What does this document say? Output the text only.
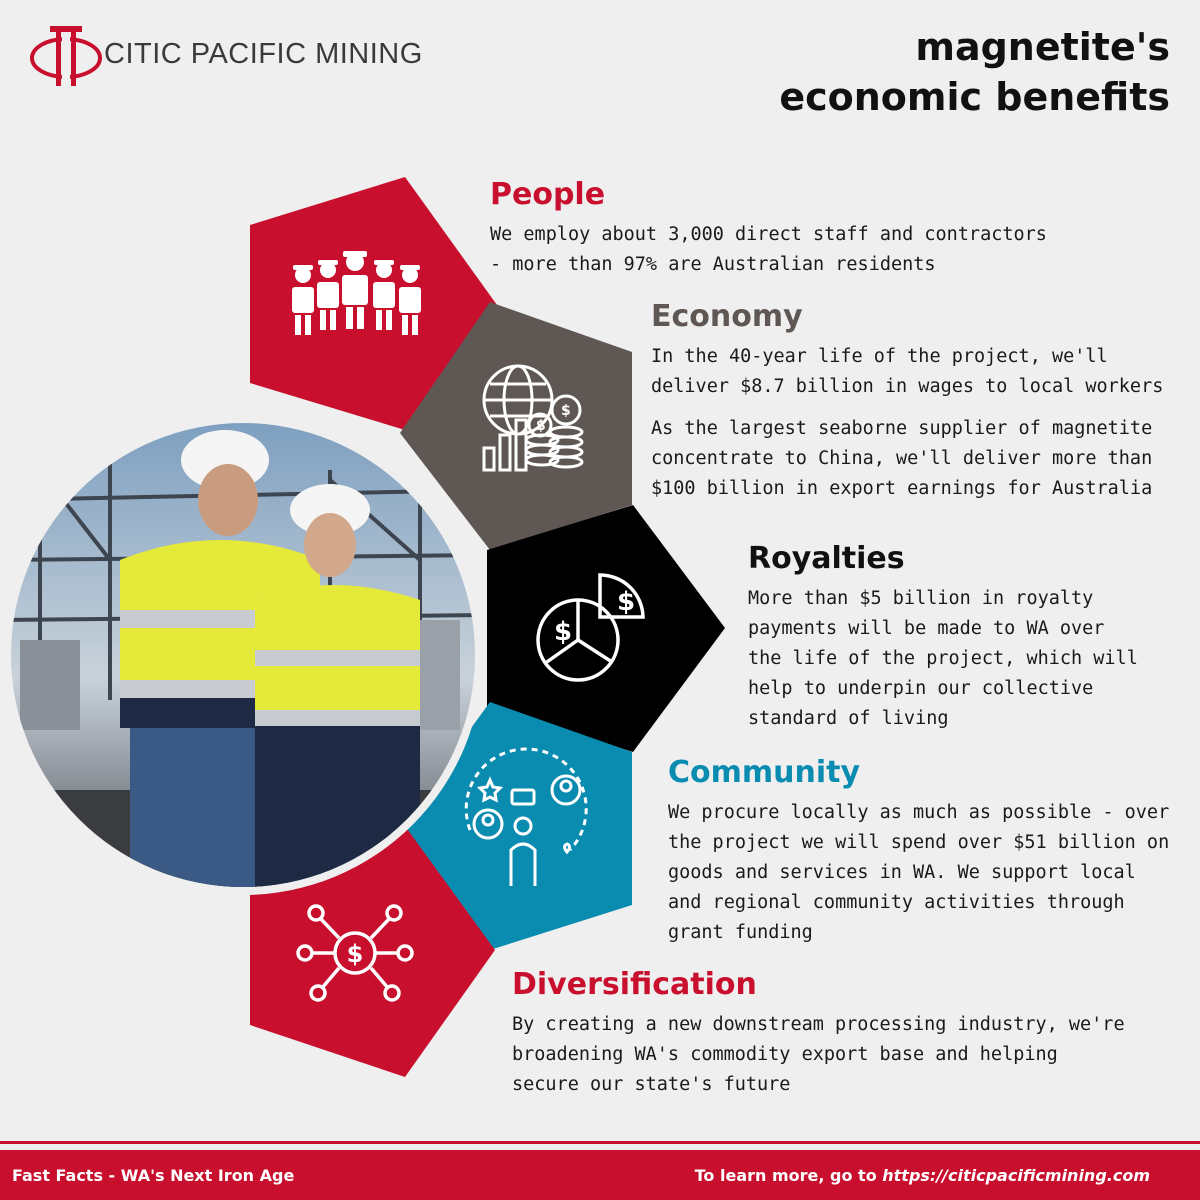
CITIC PACIFIC MINING	magnetite's
economic benefits
$
$
$
$
$
People

We employ about 3,000 direct staff and contractors
- more than 97% are Australian residents

Economy

In the 40-year life of the project, we'll
deliver $8.7 billion in wages to local workers

As the largest seaborne supplier of magnetite
concentrate to China, we'll deliver more than
$100 billion in export earnings for Australia

Royalties

More than $5 billion in royalty
payments will be made to WA over
the life of the project, which will
help to underpin our collective
standard of living

Community

We procure locally as much as possible - over
the project we will spend over $51 billion on
goods and services in WA. We support local
and regional community activities through
grant funding

Diversification

By creating a new downstream processing industry, we're
broadening WA's commodity export base and helping
secure our state's future

Fast Facts - WA's Next Iron Age	To learn more, go to https://citicpacificmining.com
